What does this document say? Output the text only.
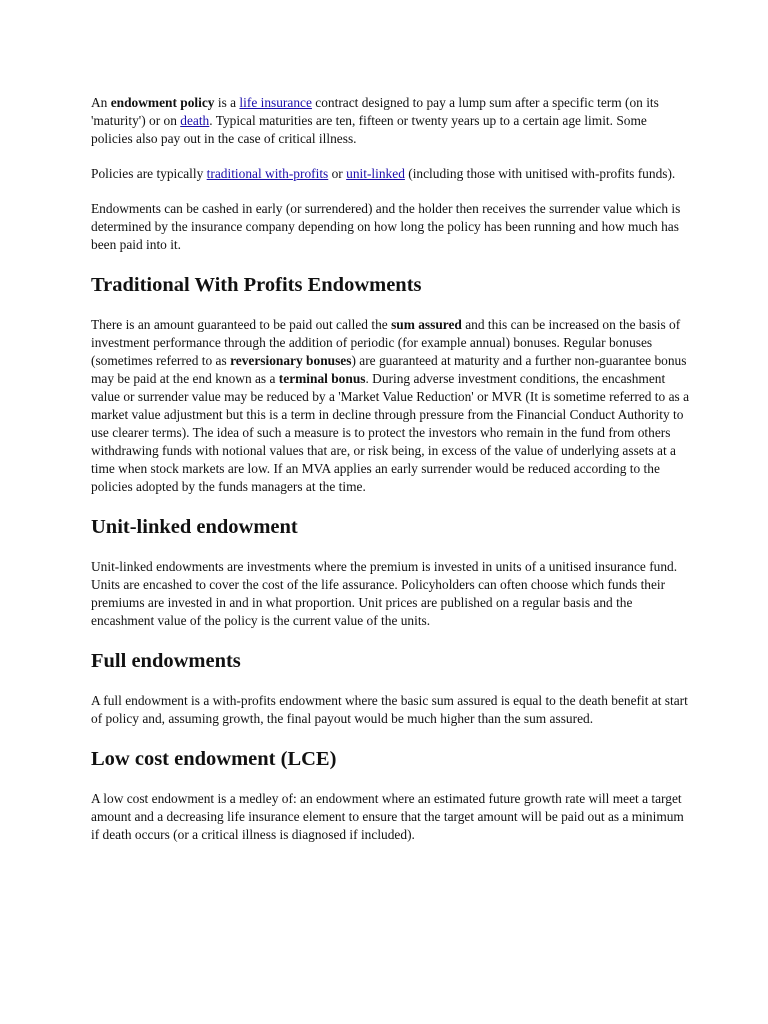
An endowment policy is a life insurance contract designed to pay a lump sum after a specific term (on its 'maturity') or on death. Typical maturities are ten, fifteen or twenty years up to a certain age limit. Some policies also pay out in the case of critical illness.

Policies are typically traditional with-profits or unit-linked (including those with unitised with-profits funds).

Endowments can be cashed in early (or surrendered) and the holder then receives the surrender value which is determined by the insurance company depending on how long the policy has been running and how much has been paid into it.

Traditional With Profits Endowments

There is an amount guaranteed to be paid out called the sum assured and this can be increased on the basis of investment performance through the addition of periodic (for example annual) bonuses. Regular bonuses (sometimes referred to as reversionary bonuses) are guaranteed at maturity and a further non-guarantee bonus may be paid at the end known as a terminal bonus. During adverse investment conditions, the encashment value or surrender value may be reduced by a 'Market Value Reduction' or MVR (It is sometime referred to as a market value adjustment but this is a term in decline through pressure from the Financial Conduct Authority to use clearer terms). The idea of such a measure is to protect the investors who remain in the fund from others withdrawing funds with notional values that are, or risk being, in excess of the value of underlying assets at a time when stock markets are low. If an MVA applies an early surrender would be reduced according to the policies adopted by the funds managers at the time.

Unit-linked endowment

Unit-linked endowments are investments where the premium is invested in units of a unitised insurance fund. Units are encashed to cover the cost of the life assurance. Policyholders can often choose which funds their premiums are invested in and in what proportion. Unit prices are published on a regular basis and the encashment value of the policy is the current value of the units.

Full endowments

A full endowment is a with-profits endowment where the basic sum assured is equal to the death benefit at start of policy and, assuming growth, the final payout would be much higher than the sum assured.

Low cost endowment (LCE)

A low cost endowment is a medley of: an endowment where an estimated future growth rate will meet a target amount and a decreasing life insurance element to ensure that the target amount will be paid out as a minimum if death occurs (or a critical illness is diagnosed if included).
